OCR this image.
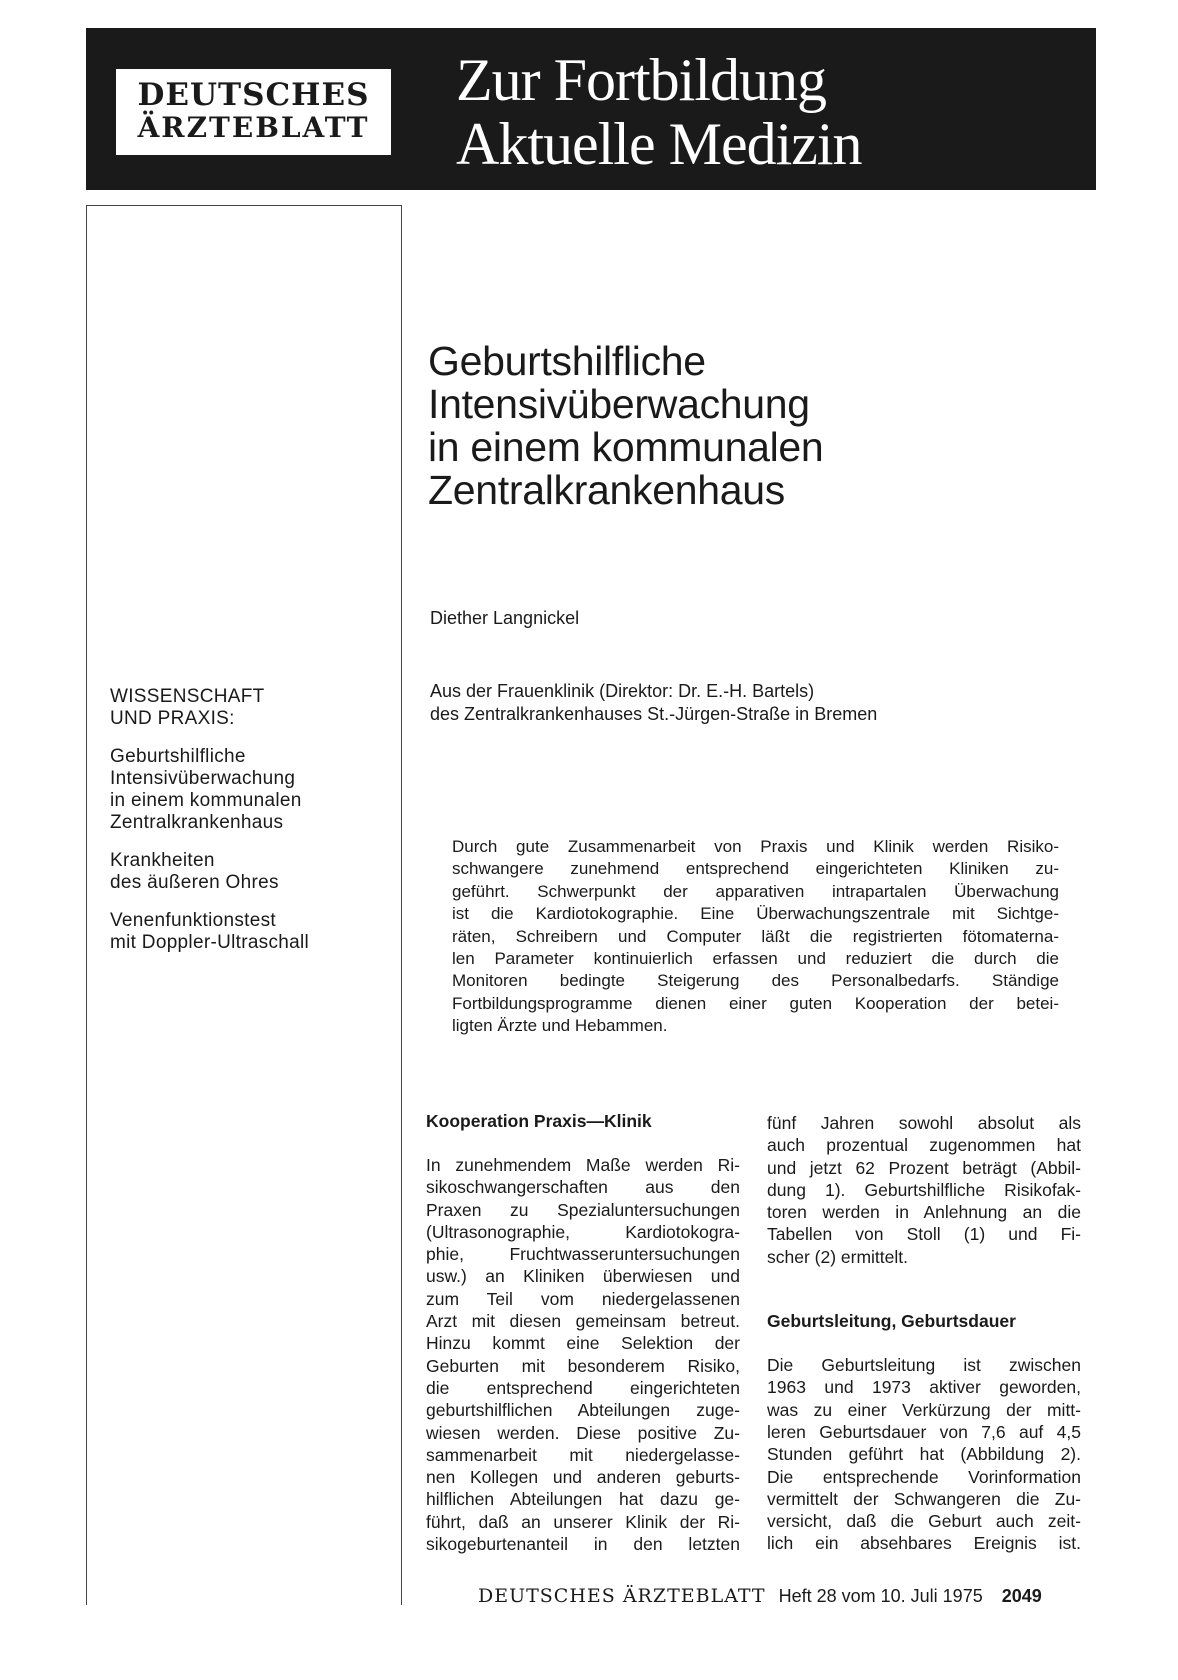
DEUTSCHES
ÄRZTEBLATT
Zur Fortbildung
Aktuelle Medizin
WISSENSCHAFT
UND PRAXIS:
Geburtshilfliche
Intensivüberwachung
in einem kommunalen
Zentralkrankenhaus
Krankheiten
des äußeren Ohres
Venenfunktionstest
mit Doppler-Ultraschall
Geburtshilfliche
Intensivüberwachung
in einem kommunalen
Zentralkrankenhaus
Diether Langnickel
Aus der Frauenklinik (Direktor: Dr. E.-H. Bartels)
des Zentralkrankenhauses St.-Jürgen-Straße in Bremen
Durch gute Zusammenarbeit von Praxis und Klinik werden Risiko-
schwangere zunehmend entsprechend eingerichteten Kliniken zu-
geführt. Schwerpunkt der apparativen intrapartalen Überwachung
ist die Kardiotokographie. Eine Überwachungszentrale mit Sichtge-
räten, Schreibern und Computer läßt die registrierten fötomaterna-
len Parameter kontinuierlich erfassen und reduziert die durch die
Monitoren bedingte Steigerung des Personalbedarfs. Ständige
Fortbildungsprogramme dienen einer guten Kooperation der betei-
ligten Ärzte und Hebammen.
Kooperation Praxis—Klinik
In zunehmendem Maße werden Ri-
sikoschwangerschaften aus den
Praxen zu Spezialuntersuchungen
(Ultrasonographie, Kardiotokogra-
phie, Fruchtwasseruntersuchungen
usw.) an Kliniken überwiesen und
zum Teil vom niedergelassenen
Arzt mit diesen gemeinsam betreut.
Hinzu kommt eine Selektion der
Geburten mit besonderem Risiko,
die entsprechend eingerichteten
geburtshilflichen Abteilungen zuge-
wiesen werden. Diese positive Zu-
sammenarbeit mit niedergelasse-
nen Kollegen und anderen geburts-
hilflichen Abteilungen hat dazu ge-
führt, daß an unserer Klinik der Ri-
sikogeburtenanteil in den letzten
fünf Jahren sowohl absolut als
auch prozentual zugenommen hat
und jetzt 62 Prozent beträgt (Abbil-
dung 1). Geburtshilfliche Risikofak-
toren werden in Anlehnung an die
Tabellen von Stoll (1) und Fi-
scher (2) ermittelt.
Geburtsleitung, Geburtsdauer
Die Geburtsleitung ist zwischen
1963 und 1973 aktiver geworden,
was zu einer Verkürzung der mitt-
leren Geburtsdauer von 7,6 auf 4,5
Stunden geführt hat (Abbildung 2).
Die entsprechende Vorinformation
vermittelt der Schwangeren die Zu-
versicht, daß die Geburt auch zeit-
lich ein absehbares Ereignis ist.
DEUTSCHES ÄRZTEBLATT Heft 28 vom 10. Juli 1975 2049
